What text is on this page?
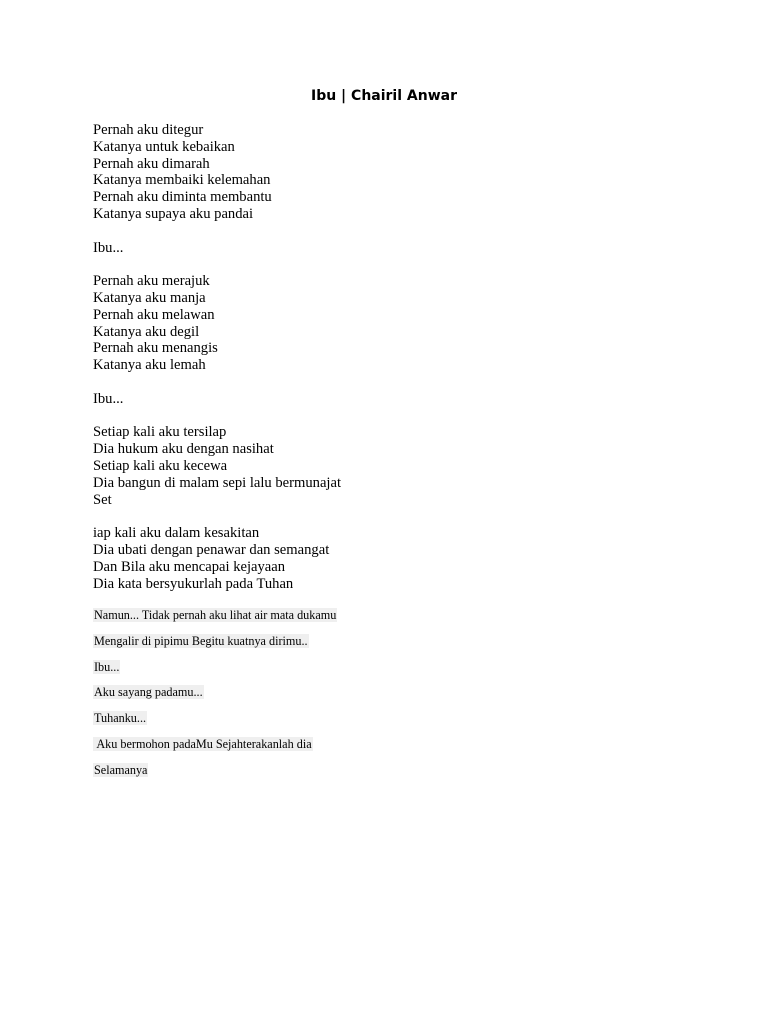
Ibu | Chairil Anwar
Pernah aku ditegur
Katanya untuk kebaikan
Pernah aku dimarah
Katanya membaiki kelemahan
Pernah aku diminta membantu
Katanya supaya aku pandai
Ibu...
Pernah aku merajuk
Katanya aku manja
Pernah aku melawan
Katanya aku degil
Pernah aku menangis
Katanya aku lemah
Ibu...
Setiap kali aku tersilap
Dia hukum aku dengan nasihat
Setiap kali aku kecewa
Dia bangun di malam sepi lalu bermunajat
Set
iap kali aku dalam kesakitan
Dia ubati dengan penawar dan semangat
Dan Bila aku mencapai kejayaan
Dia kata bersyukurlah pada Tuhan
Namun... Tidak pernah aku lihat air mata dukamu
Mengalir di pipimu Begitu kuatnya dirimu..
Ibu...
Aku sayang padamu...
Tuhanku...
Aku bermohon padaMu Sejahterakanlah dia
Selamanya
